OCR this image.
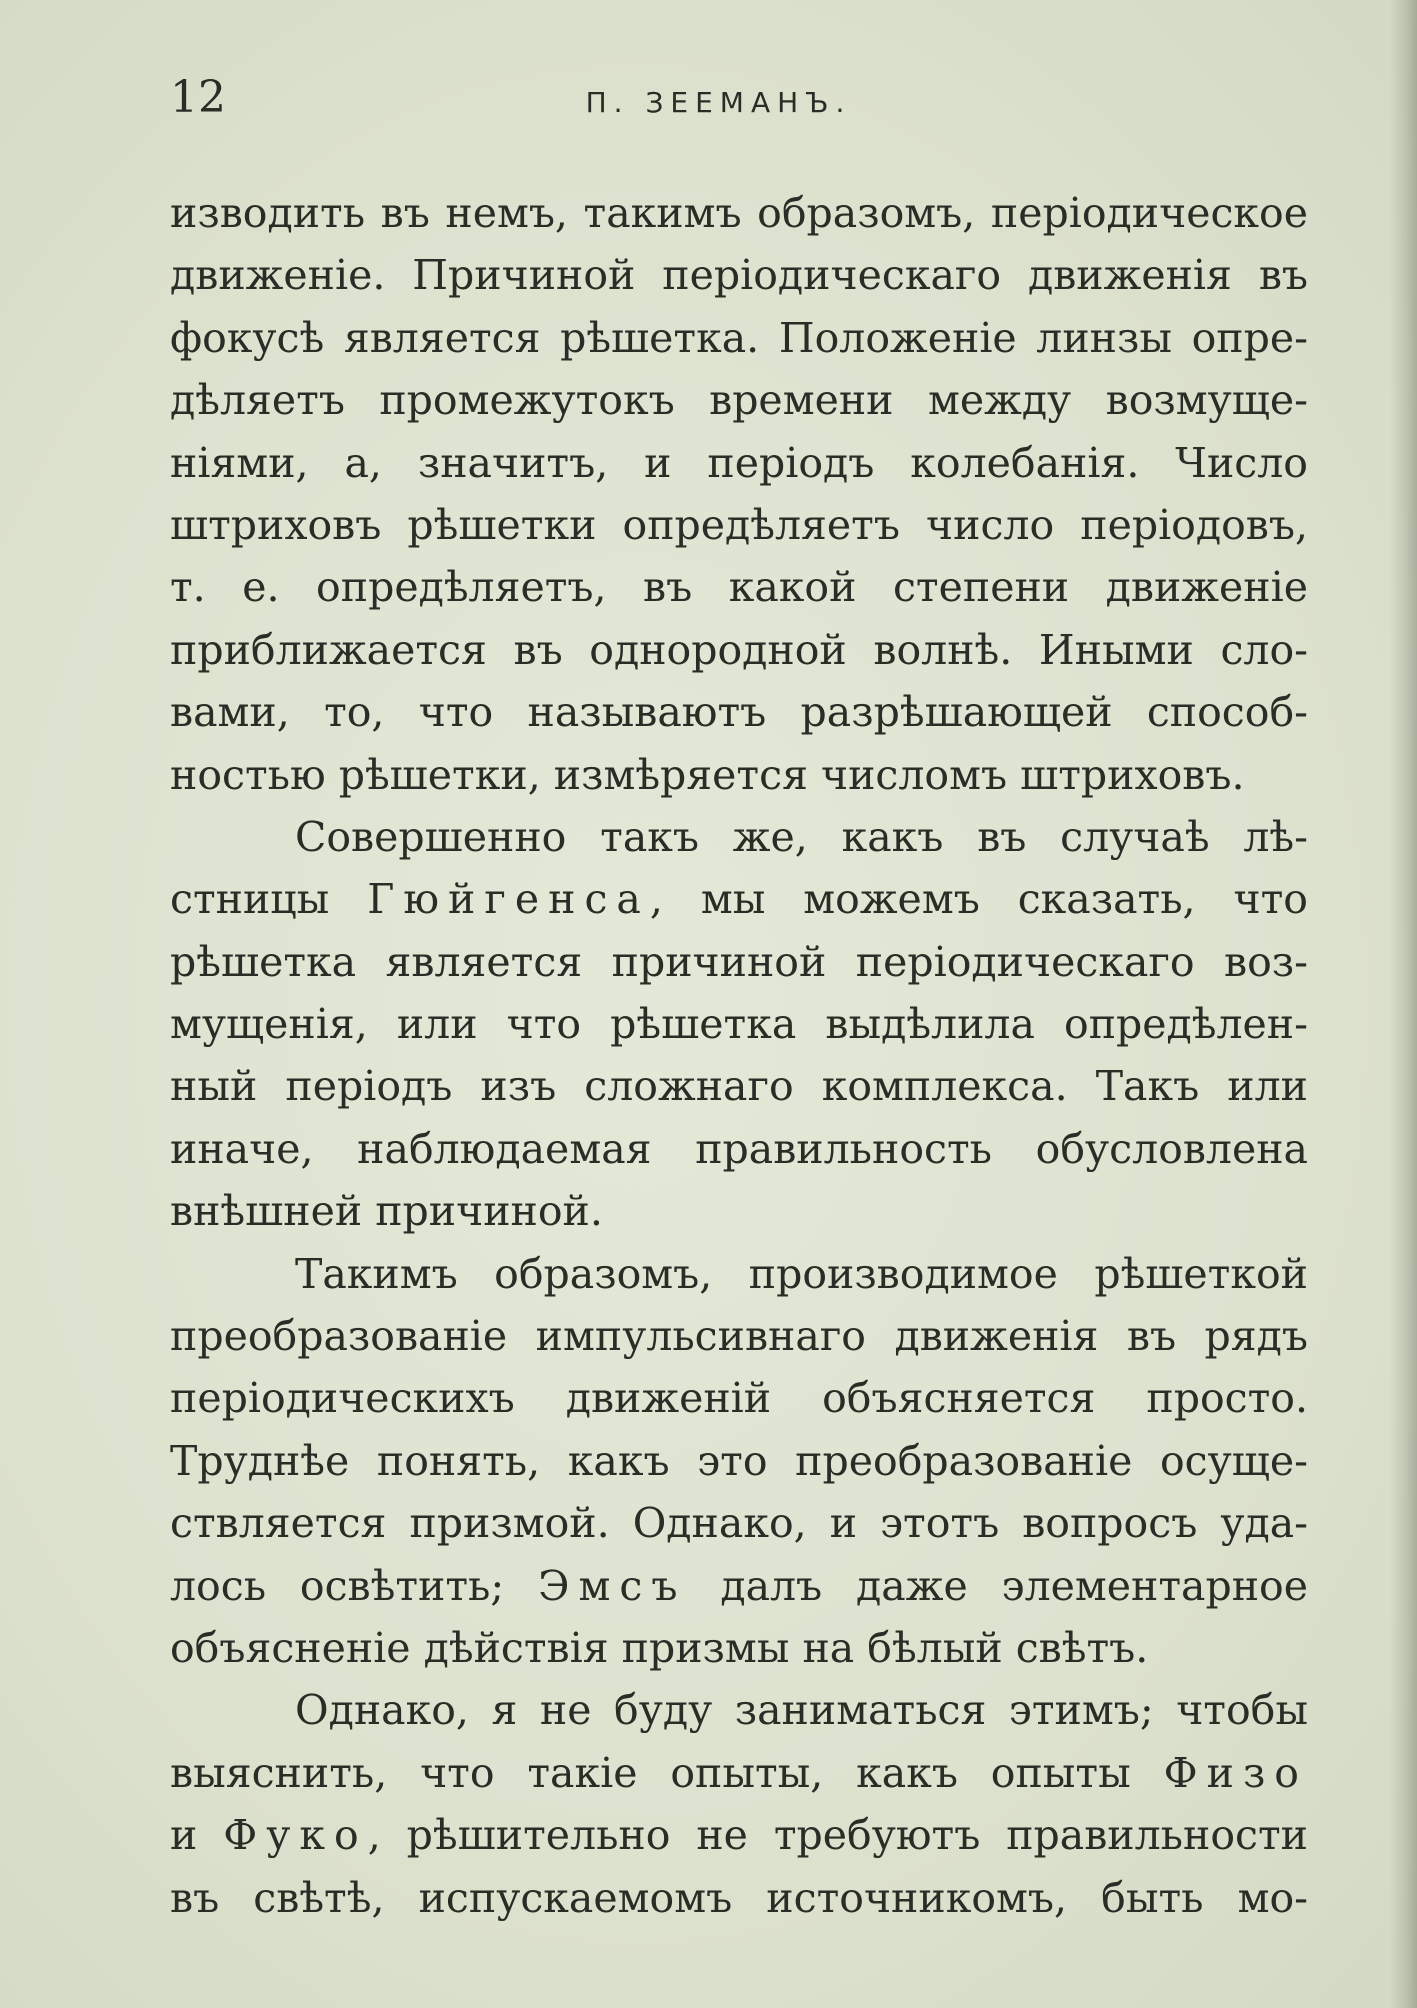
12	П. ЗЕЕМАНЪ.
изводить въ немъ, такимъ образомъ, періодическое
движеніе. Причиной періодическаго движенія въ
фокусѣ является рѣшетка. Положеніе линзы опре-
дѣляетъ промежутокъ времени между возмуще-
ніями, а, значитъ, и періодъ колебанія. Число
штриховъ рѣшетки опредѣляетъ число періодовъ,
т. е. опредѣляетъ, въ какой степени движеніе
приближается въ однородной волнѣ. Иными сло-
вами, то, что называютъ разрѣшающей способ-
ностью рѣшетки, измѣряется числомъ штриховъ.
Совершенно такъ же, какъ въ случаѣ лѣ-
стницы Гюйгенса, мы можемъ сказать, что
рѣшетка является причиной періодическаго воз-
мущенія, или что рѣшетка выдѣлила опредѣлен-
ный періодъ изъ сложнаго комплекса. Такъ или
иначе, наблюдаемая правильность обусловлена
внѣшней причиной.
Такимъ образомъ, производимое рѣшеткой
преобразованіе импульсивнаго движенія въ рядъ
періодическихъ движеній объясняется просто.
Труднѣе понять, какъ это преобразованіе осуще-
ствляется призмой. Однако, и этотъ вопросъ уда-
лось освѣтить; Эмсъ далъ даже элементарное
объясненіе дѣйствія призмы на бѣлый свѣтъ.
Однако, я не буду заниматься этимъ; чтобы
выяснить, что такіе опыты, какъ опыты Физо
и Фуко, рѣшительно не требуютъ правильности
въ свѣтѣ, испускаемомъ источникомъ, быть мо-
